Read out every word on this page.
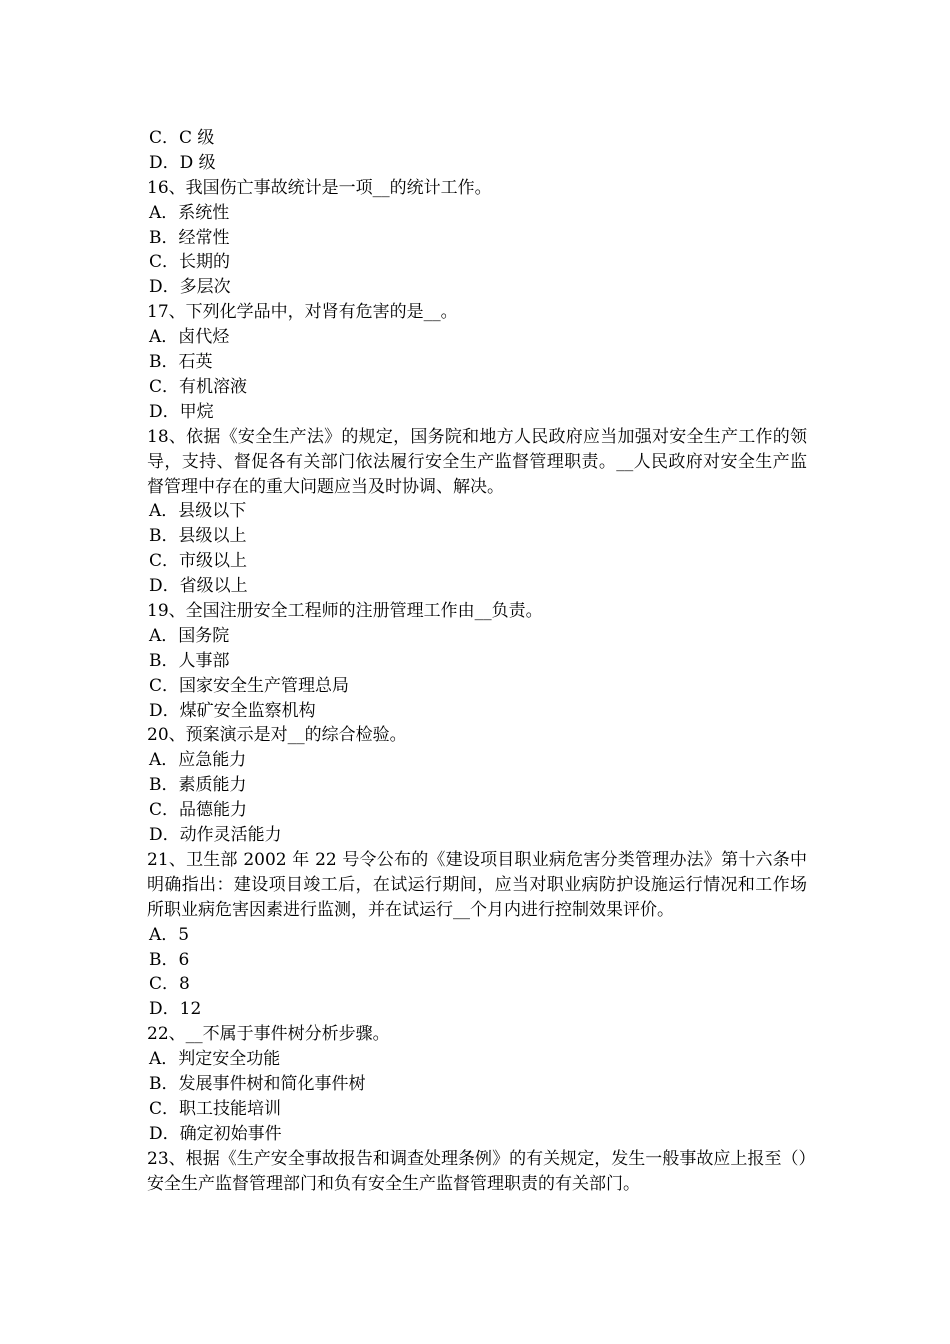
C．C 级
D．D 级
16、我国伤亡事故统计是一项__的统计工作。
A．系统性
B．经常性
C．长期的
D．多层次
17、下列化学品中，对肾有危害的是__。
A．卤代烃
B．石英
C．有机溶液
D．甲烷
18、依据《安全生产法》的规定，国务院和地方人民政府应当加强对安全生产工作的领导，支持、督促各有关部门依法履行安全生产监督管理职责。__人民政府对安全生产监督管理中存在的重大问题应当及时协调、解决。
A．县级以下
B．县级以上
C．市级以上
D．省级以上
19、全国注册安全工程师的注册管理工作由__负责。
A．国务院
B．人事部
C．国家安全生产管理总局
D．煤矿安全监察机构
20、预案演示是对__的综合检验。
A．应急能力
B．素质能力
C．品德能力
D．动作灵活能力
21、卫生部 2002 年 22 号令公布的《建设项目职业病危害分类管理办法》第十六条中明确指出：建设项目竣工后，在试运行期间，应当对职业病防护设施运行情况和工作场所职业病危害因素进行监测，并在试运行__个月内进行控制效果评价。
A．5
B．6
C．8
D．12
22、__不属于事件树分析步骤。
A．判定安全功能
B．发展事件树和简化事件树
C．职工技能培训
D．确定初始事件
23、根据《生产安全事故报告和调查处理条例》的有关规定，发生一般事故应上报至（）安全生产监督管理部门和负有安全生产监督管理职责的有关部门。
